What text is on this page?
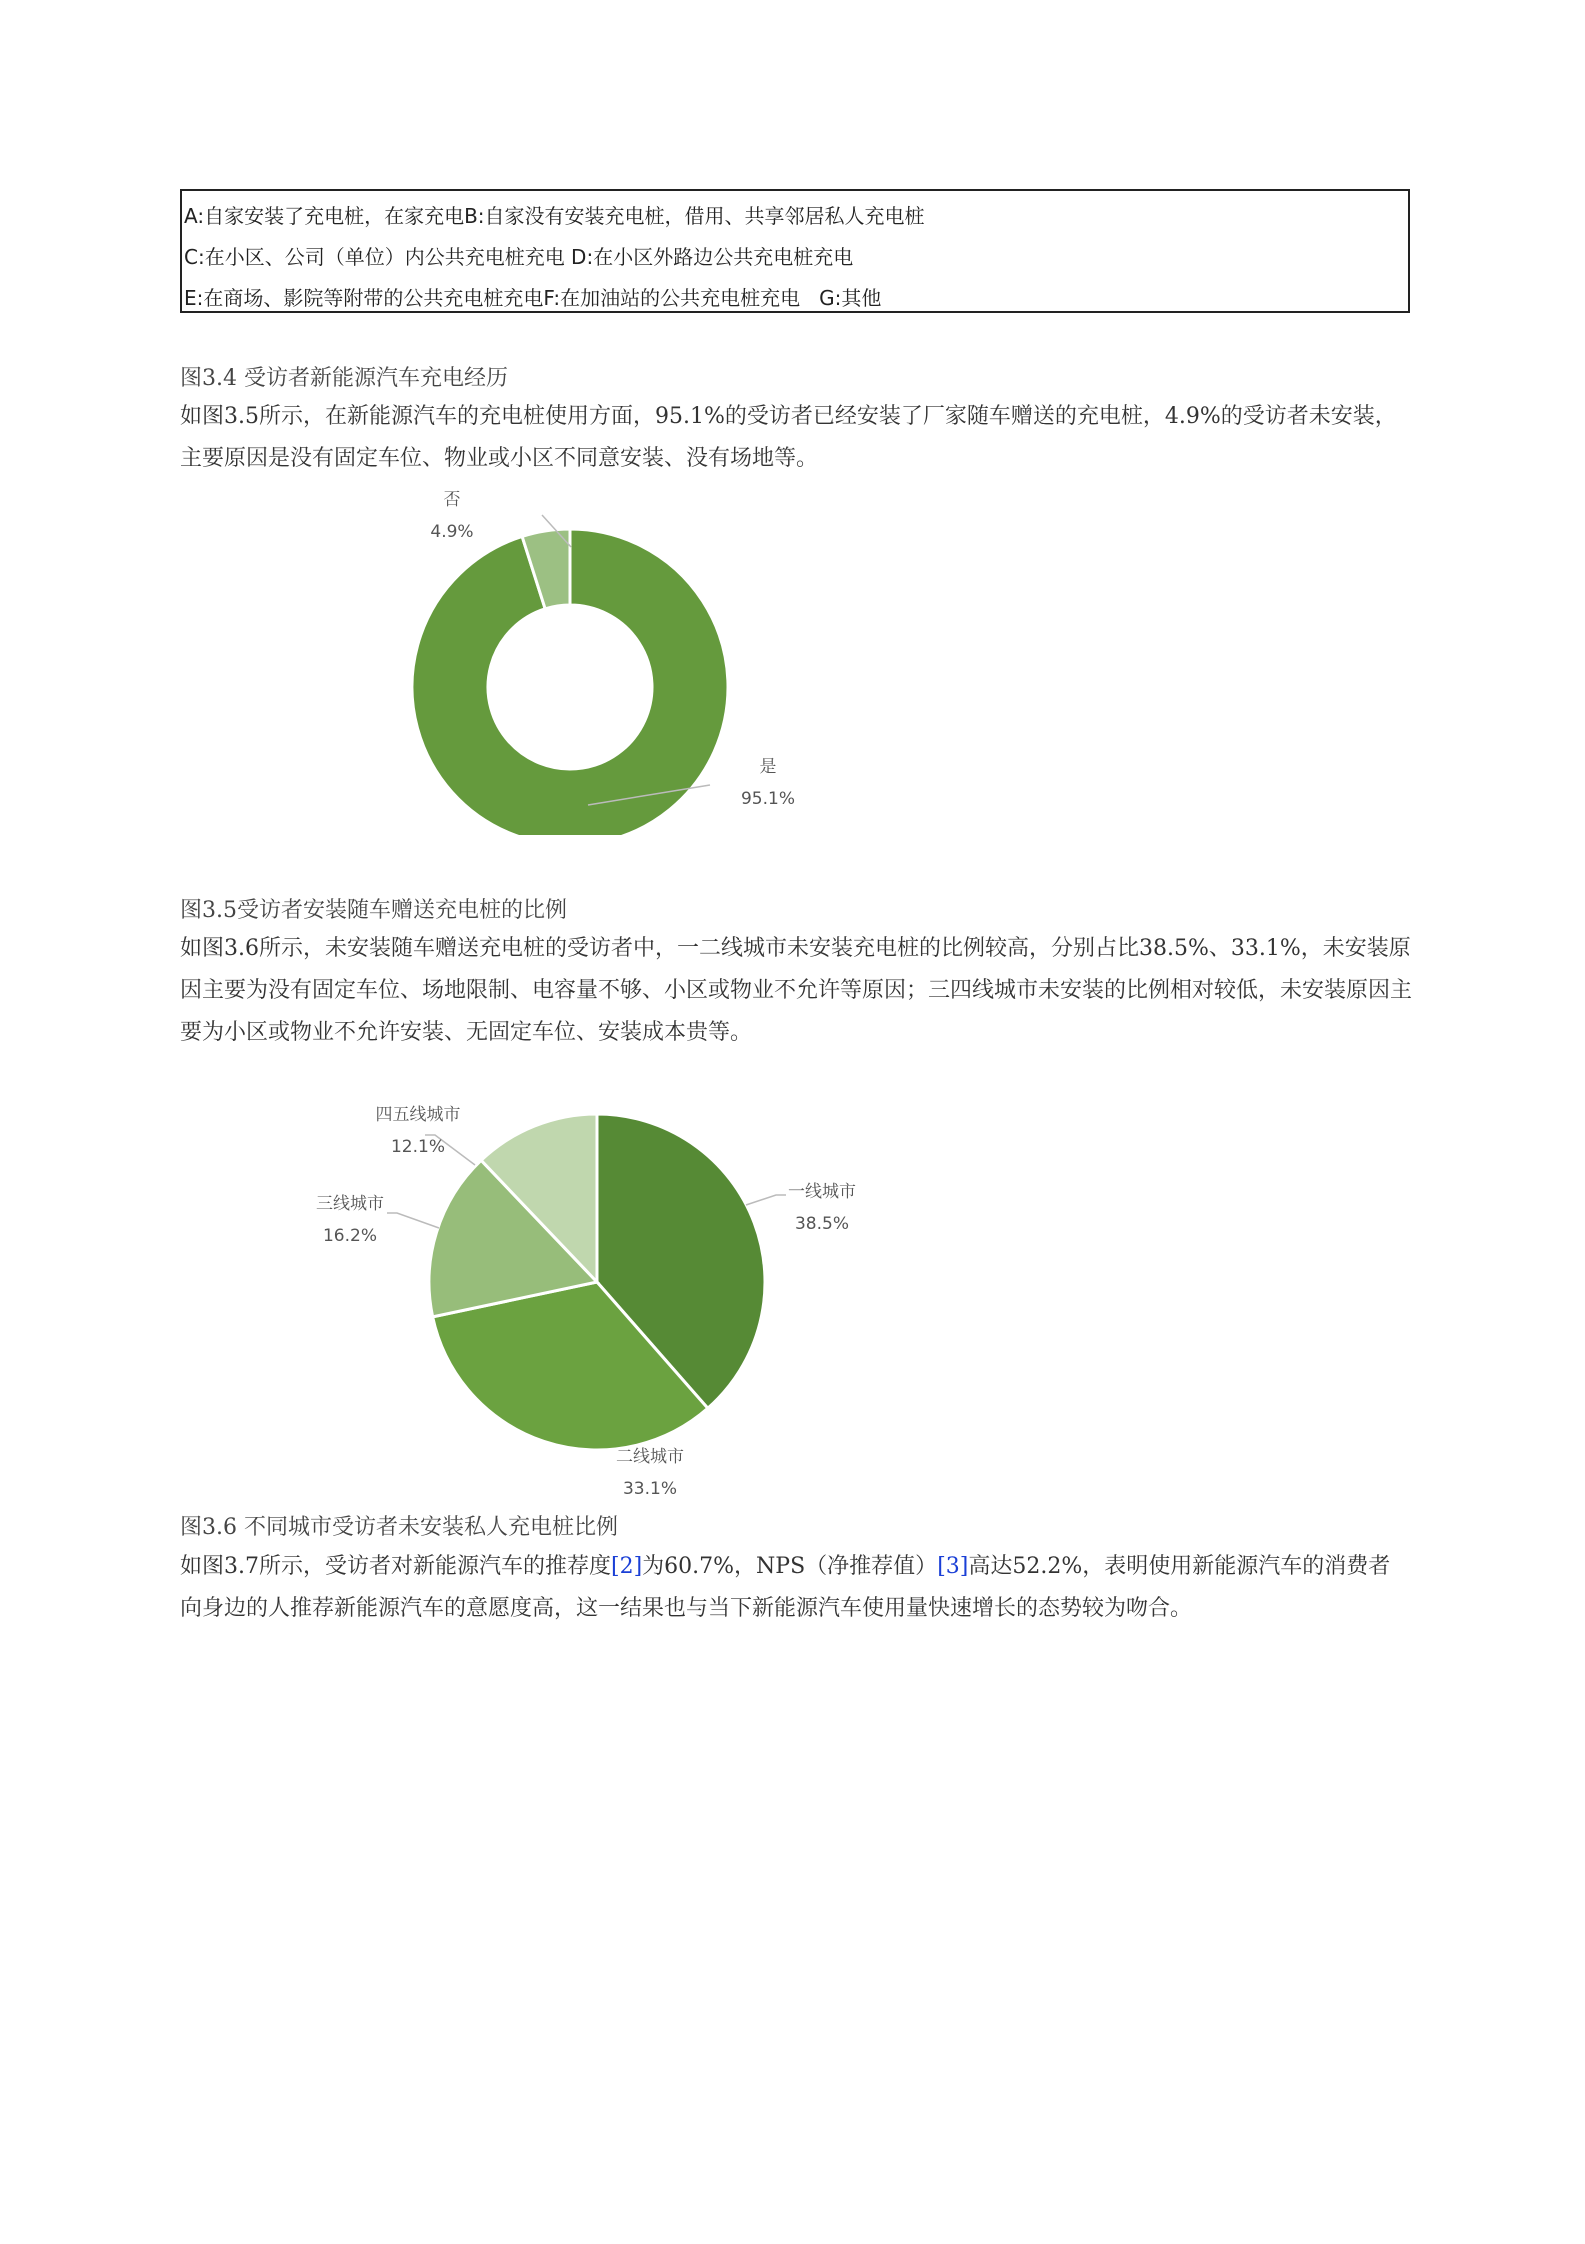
A:自家安装了充电桩，在家充电B:自家没有安装充电桩，借用、共享邻居私人充电桩
C:在小区、公司（单位）内公共充电桩充电 D:在小区外路边公共充电桩充电
E:在商场、影院等附带的公共充电桩充电F:在加油站的公共充电桩充电   G:其他
图3.4 受访者新能源汽车充电经历
如图3.5所示，在新能源汽车的充电桩使用方面，95.1%的受访者已经安装了厂家随车赠送的充电桩，4.9%的受访者未安装，主要原因是没有固定车位、物业或小区不同意安装、没有场地等。
否
4.9%
是
95.1%
图3.5受访者安装随车赠送充电桩的比例
如图3.6所示，未安装随车赠送充电桩的受访者中，一二线城市未安装充电桩的比例较高，分别占比38.5%、33.1%，未安装原因主要为没有固定车位、场地限制、电容量不够、小区或物业不允许等原因；三四线城市未安装的比例相对较低，未安装原因主要为小区或物业不允许安装、无固定车位、安装成本贵等。
一线城市
38.5%
四五线城市
12.1%
三线城市
16.2%
二线城市
33.1%
图3.6 不同城市受访者未安装私人充电桩比例
如图3.7所示，受访者对新能源汽车的推荐度[2]为60.7%，NPS（净推荐值）[3]高达52.2%，表明使用新能源汽车的消费者向身边的人推荐新能源汽车的意愿度高，这一结果也与当下新能源汽车使用量快速增长的态势较为吻合。
